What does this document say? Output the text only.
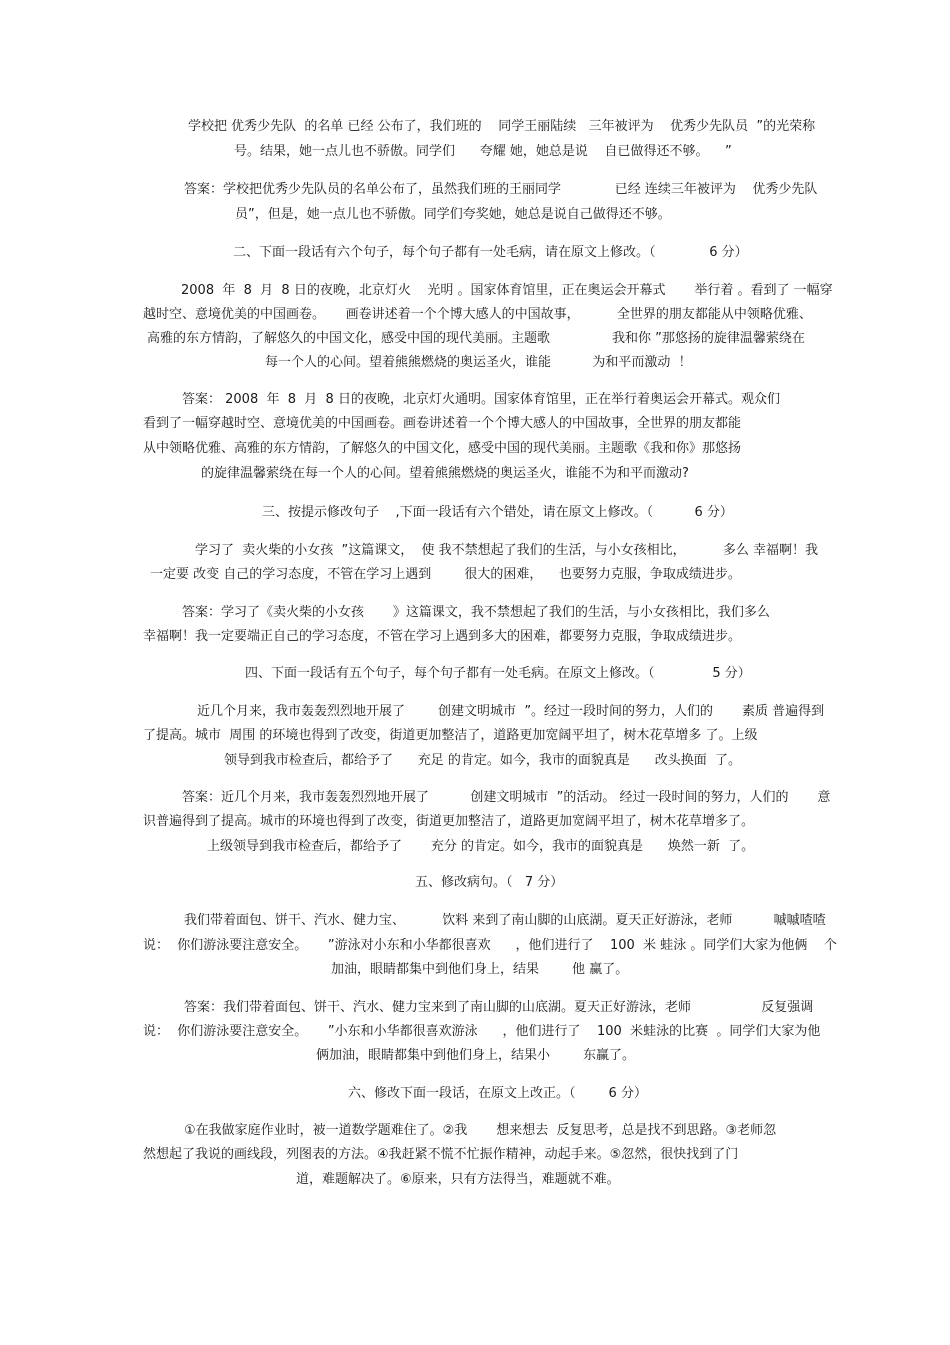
学校把 优秀少先队  的名单 已经 公布了，我们班的    同学王丽陆续   三年被评为    优秀少先队员  ”的光荣称
号。结果，她一点儿也不骄傲。同学们      夸耀 她，她总是说    自已做得还不够。    ”
答案：学校把优秀少先队员的名单公布了，虽然我们班的王丽同学             已经 连续三年被评为    优秀少先队
员”，但是，她一点儿也不骄傲。同学们夸奖她，她总是说自己做得还不够。
二、下面一段话有六个句子，每个句子都有一处毛病，请在原文上修改。（             6 分）
2008  年  8  月  8 日的夜晚，北京灯火    光明 。国家体育馆里，正在奥运会开幕式       举行着 。看到了 一幅穿
越时空、意境优美的中国画卷。     画卷讲述着一个个博大感人的中国故事，         全世界的朋友都能从中领略优雅、
高雅的东方情韵，了解悠久的中国文化，感受中国的现代美丽。主题歌               我和你 ”那悠扬的旋律温馨萦绕在
每一个人的心间。望着熊熊燃烧的奥运圣火，谁能          为和平而激动  ！
答案： 2008  年  8  月  8 日的夜晚，北京灯火通明。国家体育馆里，正在举行着奥运会开幕式。观众们
看到了一幅穿越时空、意境优美的中国画卷。画卷讲述着一个个博大感人的中国故事，全世界的朋友都能
从中领略优雅、高雅的东方情韵，了解悠久的中国文化，感受中国的现代美丽。主题歌《我和你》那悠扬
的旋律温馨萦绕在每一个人的心间。望着熊熊燃烧的奥运圣火，谁能不为和平而激动?
三、按提示修改句子    ,下面一段话有六个错处，请在原文上修改。（          6 分）
学习了  卖火柴的小女孩  ”这篇课文，  使 我不禁想起了我们的生活，与小女孩相比，         多么 幸福啊！我
一定要 改变 自己的学习态度，不管在学习上遇到        很大的困难，    也要努力克服，争取成绩进步。
答案：学习了《卖火柴的小女孩       》这篇课文，我不禁想起了我们的生活，与小女孩相比，我们多么
幸福啊！我一定要端正自己的学习态度，不管在学习上遇到多大的困难，都要努力克服，争取成绩进步。
四、下面一段话有五个句子，每个句子都有一处毛病。在原文上修改。（              5 分）
近几个月来，我市轰轰烈烈地开展了        创建文明城市  ”。经过一段时间的努力，人们的       素质 普遍得到
了提高。城市  周围 的环境也得到了改变，街道更加整洁了，道路更加宽阔平坦了，树木花草增多 了。上级
领导到我市检查后，都给予了      充足 的肯定。如今，我市的面貌真是      改头换面  了。
答案：近几个月来，我市轰轰烈烈地开展了          创建文明城市  ”的活动。 经过一段时间的努力，人们的       意
识普遍得到了提高。城市的环境也得到了改变，街道更加整洁了，道路更加宽阔平坦了，树木花草增多了。
上级领导到我市检查后，都给予了       充分 的肯定。如今，我市的面貌真是      焕然一新  了。
五、修改病句。（   7 分）
我们带着面包、饼干、汽水、健力宝、         饮料 来到了南山脚的山底湖。夏天正好游泳，老师          嘁嘁喳喳
说：  你们游泳要注意安全。     ”游泳对小东和小华都很喜欢      ，他们进行了    100  米 蛙泳 。同学们大家为他俩    个
加油，眼睛都集中到他们身上，结果        他 赢了。
答案：我们带着面包、饼干、汽水、健力宝来到了南山脚的山底湖。夏天正好游泳，老师                 反复强调
说：  你们游泳要注意安全。     ”小东和小华都很喜欢游泳      ，他们进行了    100  米蛙泳的比赛  。同学们大家为他
俩加油，眼睛都集中到他们身上，结果小        东赢了。
六、修改下面一段话，在原文上改正。（        6 分）
①在我做家庭作业时，被一道数学题难住了。②我       想来想去  反复思考，总是找不到思路。③老师忽
然想起了我说的画线段，列图表的方法。④我赶紧不慌不忙振作精神，动起手来。⑤忽然，很快找到了门
道，难题解决了。⑥原来，只有方法得当，难题就不难。
